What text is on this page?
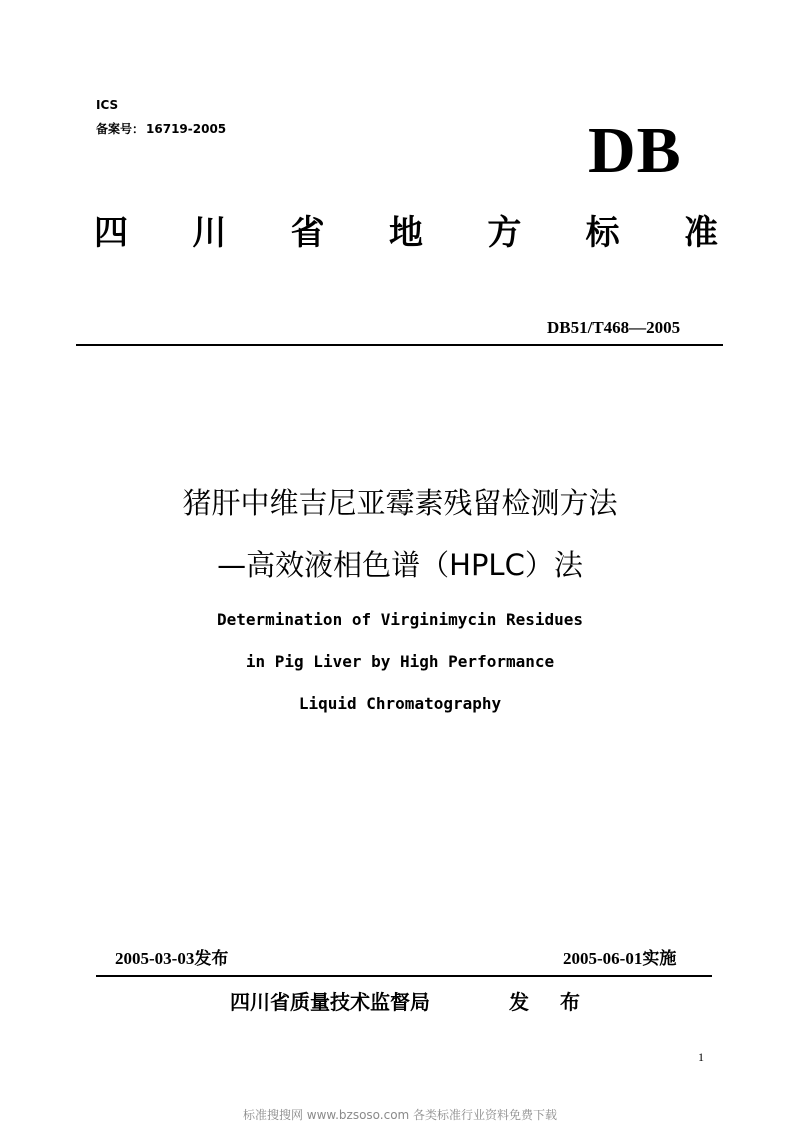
ICS
备案号： 16719-2005	DB
四 川 省 地 方 标 准
DB51/T468—2005
猪肝中维吉尼亚霉素残留检测方法
—高效液相色谱（HPLC）法
Determination of Virginimycin Residues
in Pig Liver by High Performance
Liquid Chromatography
2005-03-03发布	2005-06-01实施
四川省质量技术监督局	发 布
1
标准搜搜网 www.bzsoso.com 各类标准行业资料免费下载
